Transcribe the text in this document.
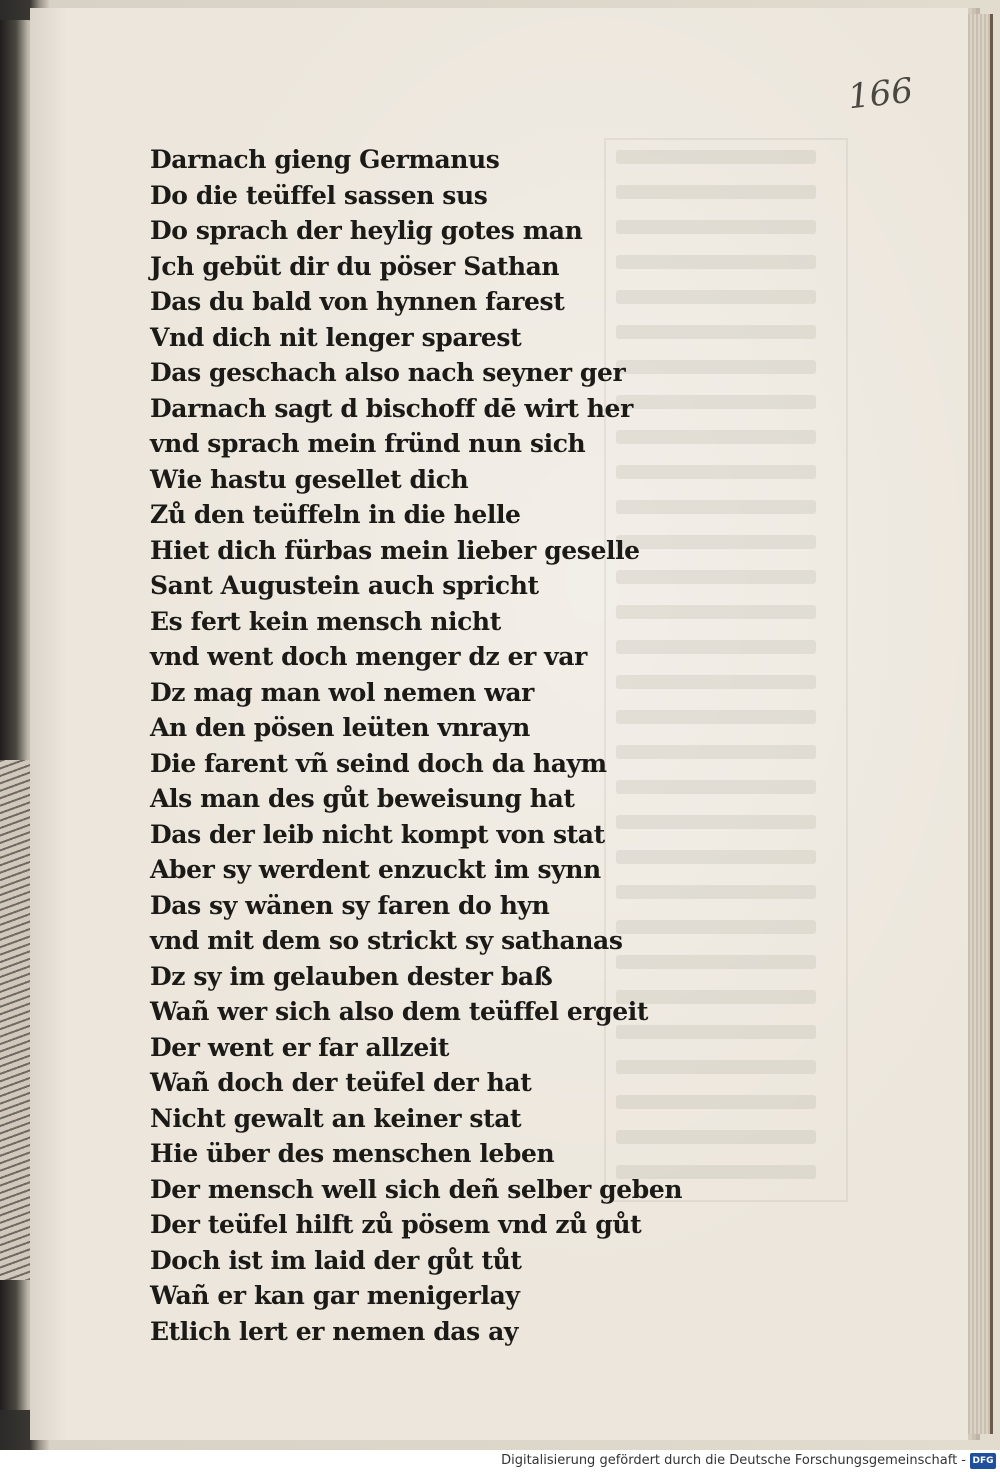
166
Darnach gieng Germanus
Do die teüffel sassen sus
Do sprach der heylig gotes man
Jch gebüt dir du pöser Sathan
Das du bald von hynnen farest
Vnd dich nit lenger sparest
Das geschach also nach seyner ger
Darnach sagt d bischoff dē wirt her
vnd sprach mein fründ nun sich
Wie hastu gesellet dich
Zů den teüffeln in die helle
Hiet dich fürbas mein lieber geselle
Sant Augustein auch spricht
Es fert kein mensch nicht
vnd went doch menger dz er var
Dz mag man wol nemen war
An den pösen leüten vnrayn
Die farent vñ seind doch da haym
Als man des gůt beweisung hat
Das der leib nicht kompt von stat
Aber sy werdent enzuckt im synn
Das sy wänen sy faren do hyn
vnd mit dem so strickt sy sathanas
Dz sy im gelauben dester baß
Wañ wer sich also dem teüffel ergeit
Der went er far allzeit
Wañ doch der teüfel der hat
Nicht gewalt an keiner stat
Hie über des menschen leben
Der mensch well sich deñ selber geben
Der teüfel hilft zů pösem vnd zů gůt
Doch ist im laid der gůt tůt
Wañ er kan gar menigerlay
Etlich lert er nemen das ay
Digitalisierung gefördert durch die Deutsche Forschungsgemeinschaft - DFG
